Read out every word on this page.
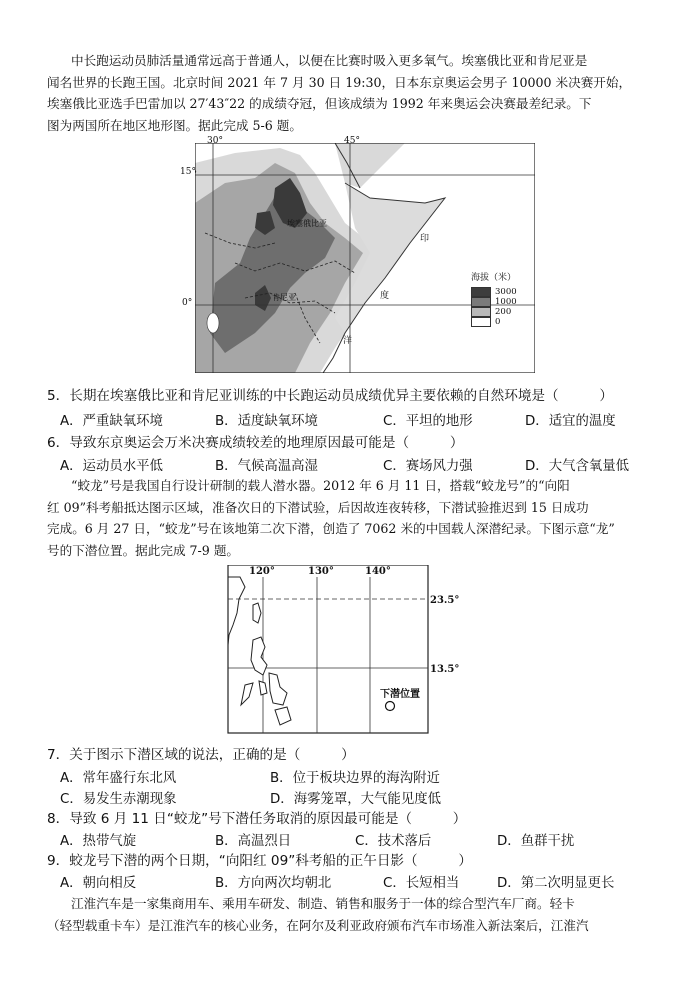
中长跑运动员肺活量通常远高于普通人，以便在比赛时吸入更多氧气。埃塞俄比亚和肯尼亚是
闻名世界的长跑王国。北京时间 2021 年 7 月 30 日 19:30，日本东京奥运会男子 10000 米决赛开始，
埃塞俄比亚选手巴雷加以 27′43″22 的成绩夺冠，但该成绩为 1992 年来奥运会决赛最差纪录。下
图为两国所在地区地形图。据此完成 5-6 题。
埃塞俄比亚
肯尼亚
印
度
洋
45°
30°
15°
0°
海拔（米）
3000
1000
200
0
5．长期在埃塞俄比亚和肯尼亚训练的中长跑运动员成绩优异主要依赖的自然环境是（　　　）
A．严重缺氧环境	B．适度缺氧环境	C．平坦的地形	D．适宜的温度
6．导致东京奥运会万米决赛成绩较差的地理原因最可能是（　　　）
A．运动员水平低	B．气候高温高湿	C．赛场风力强	D．大气含氧量低
“蛟龙”号是我国自行设计研制的载人潜水器。2012 年 6 月 11 日，搭载“蛟龙号”的“向阳
红 09”科考船抵达图示区域，准备次日的下潜试验，后因故连夜转移，下潜试验推迟到 15 日成功
完成。6 月 27 日，“蛟龙”号在该地第二次下潜，创造了 7062 米的中国载人深潜纪录。下图示意“龙”
号的下潜位置。据此完成 7-9 题。
下潜位置
120°	130°	140°
23.5°
13.5°
7．关于图示下潜区域的说法，正确的是（　　　）
A．常年盛行东北风	B．位于板块边界的海沟附近
C．易发生赤潮现象	D．海雾笼罩，大气能见度低
8．导致 6 月 11 日“蛟龙”号下潜任务取消的原因最可能是（　　　）
A．热带气旋	B．高温烈日	C．技术落后	D．鱼群干扰
9．蛟龙号下潜的两个日期，“向阳红 09”科考船的正午日影（　　　）
A．朝向相反	B．方向两次均朝北	C．长短相当	D．第二次明显更长
江淮汽车是一家集商用车、乘用车研发、制造、销售和服务于一体的综合型汽车厂商。轻卡
（轻型载重卡车）是江淮汽车的核心业务，在阿尔及利亚政府颁布汽车市场准入新法案后，江淮汽
